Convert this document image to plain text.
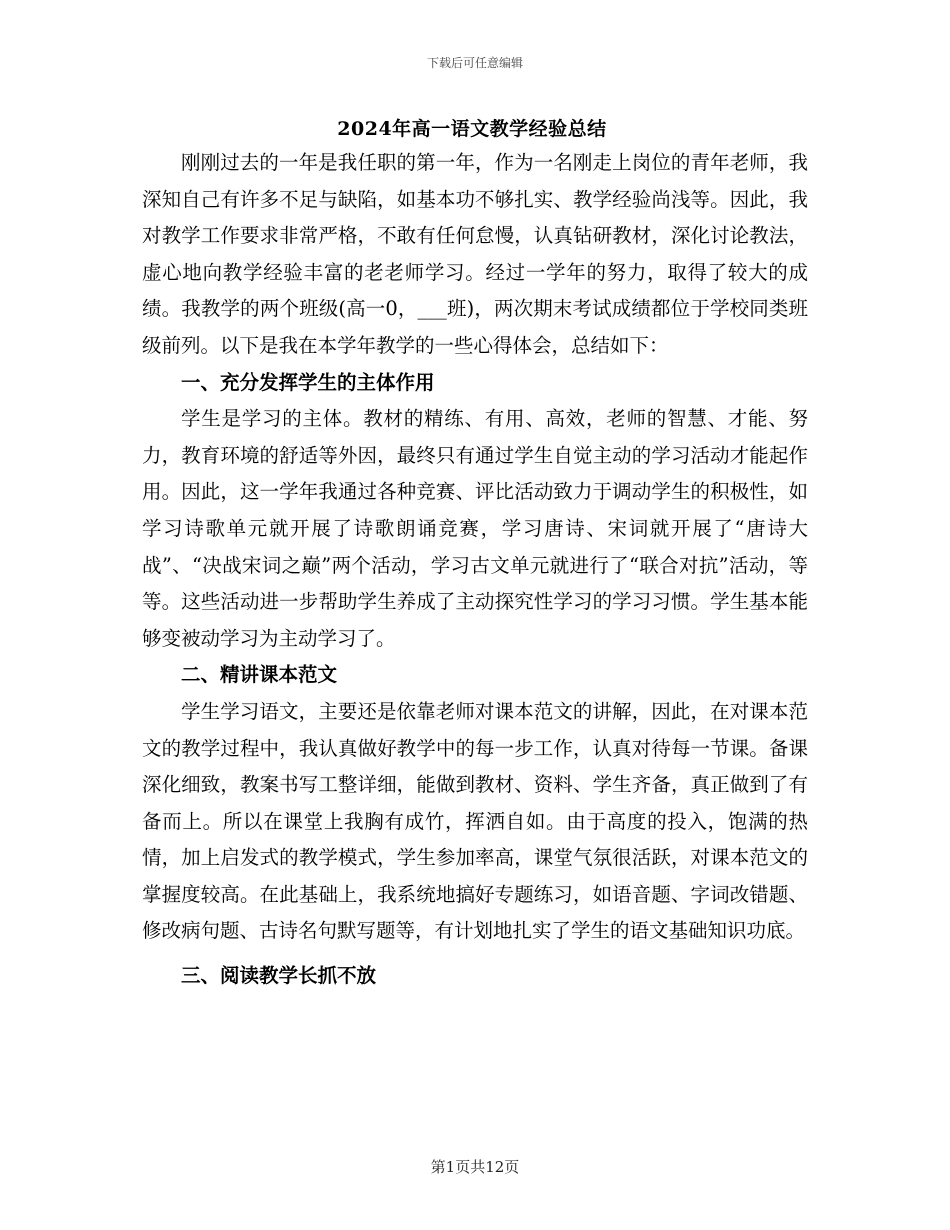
下载后可任意编辑
2024年高一语文教学经验总结

刚刚过去的一年是我任职的第一年，作为一名刚走上岗位的青年老师，我深知自己有许多不足与缺陷，如基本功不够扎实、教学经验尚浅等。因此，我对教学工作要求非常严格，不敢有任何怠慢，认真钻研教材，深化讨论教法，虚心地向教学经验丰富的老老师学习。经过一学年的努力，取得了较大的成绩。我教学的两个班级(高一0，___班)，两次期末考试成绩都位于学校同类班级前列。以下是我在本学年教学的一些心得体会，总结如下：

一、充分发挥学生的主体作用

学生是学习的主体。教材的精练、有用、高效，老师的智慧、才能、努力，教育环境的舒适等外因，最终只有通过学生自觉主动的学习活动才能起作用。因此，这一学年我通过各种竞赛、评比活动致力于调动学生的积极性，如学习诗歌单元就开展了诗歌朗诵竞赛，学习唐诗、宋词就开展了“唐诗大战”、“决战宋词之巅”两个活动，学习古文单元就进行了“联合对抗”活动，等等。这些活动进一步帮助学生养成了主动探究性学习的学习习惯。学生基本能够变被动学习为主动学习了。

二、精讲课本范文

学生学习语文，主要还是依靠老师对课本范文的讲解，因此，在对课本范文的教学过程中，我认真做好教学中的每一步工作，认真对待每一节课。备课深化细致，教案书写工整详细，能做到教材、资料、学生齐备，真正做到了有备而上。所以在课堂上我胸有成竹，挥洒自如。由于高度的投入，饱满的热情，加上启发式的教学模式，学生参加率高，课堂气氛很活跃，对课本范文的掌握度较高。在此基础上，我系统地搞好专题练习，如语音题、字词改错题、修改病句题、古诗名句默写题等，有计划地扎实了学生的语文基础知识功底。

三、阅读教学长抓不放
第1页共12页
